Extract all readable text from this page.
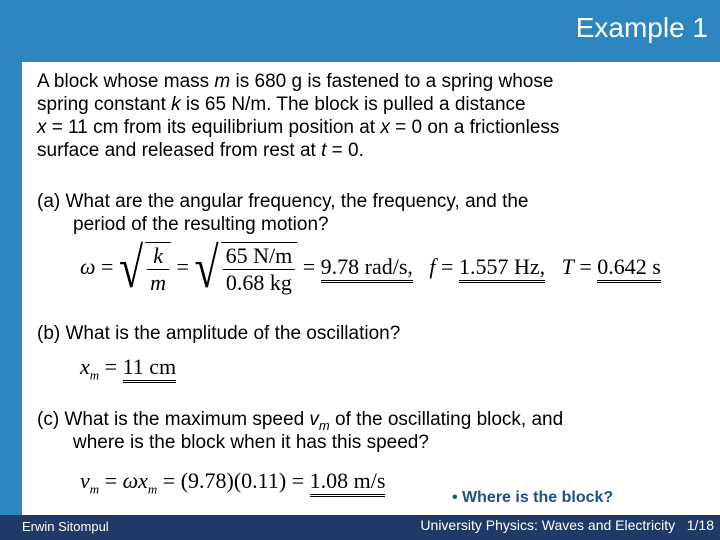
Example 1
A block whose mass m is 680 g is fastened to a spring whose
spring constant k is 65 N/m. The block is pulled a distance
x = 11 cm from its equilibrium position at x = 0 on a frictionless
surface and released from rest at t = 0.
(a) What are the angular frequency, the frequency, and the
period of the resulting motion?
ω = √ $\frac{k}{m}$ = √ $\frac{65 N/m}{0.68 kg} = 9.78$ rad/s, f = 1.557 Hz, T = 0.642 s
(b) What is the amplitude of the oscillation?
$x_m = 11$ cm
(c) What is the maximum speed $v_m$ of the oscillating block, and
where is the block when it has this speed?
$v_m = \omega x_m = (9.78)(0.11) = 1.08$ m/s
• Where is the block?
Erwin Sitompul	University Physics: Waves and Electricity   1/18
